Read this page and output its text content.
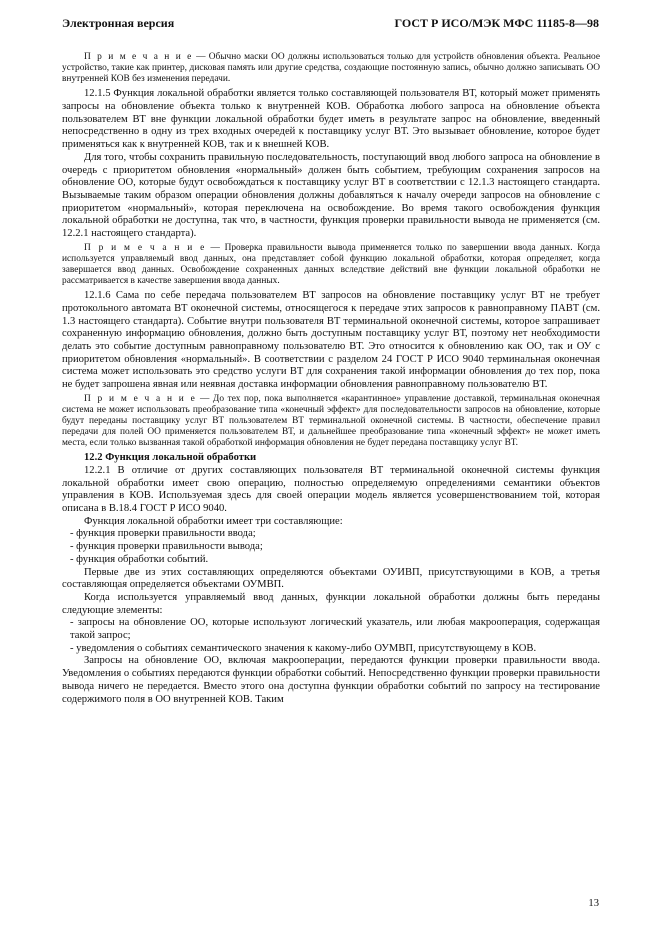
Электронная версия	ГОСТ Р ИСО/МЭК МФС 11185-8—98

П р и м е ч а н и е — Обычно маски ОО должны использоваться только для устройств обновления объекта. Реальное устройство, такие как принтер, дисковая память или другие средства, создающие постоянную запись, обычно должно записывать ОО внутренней КОВ без изменения передачи.

12.1.5 Функция локальной обработки является только составляющей пользователя ВТ, который может применять запросы на обновление объекта только к внутренней КОВ. Обработка любого запроса на обновление объекта пользователем ВТ вне функции локальной обработки будет иметь в результате запрос на обновление, введенный непосредственно в одну из трех входных очередей к поставщику услуг ВТ. Это вызывает обновление, которое будет применяться как к внутренней КОВ, так и к внешней КОВ.

Для того, чтобы сохранить правильную последовательность, поступающий ввод любого запроса на обновление в очередь с приоритетом обновления «нормальный» должен быть событием, требующим сохранения запросов на обновление ОО, которые будут освобождаться к поставщику услуг ВТ в соответствии с 12.1.3 настоящего стандарта. Вызываемые таким образом операции обновления должны добавляться к началу очереди запросов на обновление с приоритетом «нормальный», которая переключена на освобождение. Во время такого освобождения функция локальной обработки не доступна, так что, в частности, функция проверки правильности вывода не применяется (см. 12.2.1 настоящего стандарта).

П р и м е ч а н и е — Проверка правильности вывода применяется только по завершении ввода данных. Когда используется управляемый ввод данных, она представляет собой функцию локальной обработки, которая определяет, когда завершается ввод данных. Освобождение сохраненных данных вследствие действий вне функции локальной обработки не рассматривается в качестве завершения ввода данных.

12.1.6 Сама по себе передача пользователем ВТ запросов на обновление поставщику услуг ВТ не требует протокольного автомата ВТ оконечной системы, относящегося к передаче этих запросов к равноправному ПАВТ (см. 1.3 настоящего стандарта). Событие внутри пользователя ВТ терминальной оконечной системы, которое запрашивает сохраненную информацию обновления, должно быть доступным поставщику услуг ВТ, поэтому нет необходимости делать это событие доступным равноправному пользователю ВТ. Это относится к обновлению как ОО, так и ОУ с приоритетом обновления «нормальный». В соответствии с разделом 24 ГОСТ Р ИСО 9040 терминальная оконечная система может использовать это средство услуги ВТ для сохранения такой информации обновления до тех пор, пока не будет запрошена явная или неявная доставка информации обновления равноправному пользователю ВТ.

П р и м е ч а н и е — До тех пор, пока выполняется «карантинное» управление доставкой, терминальная оконечная система не может использовать преобразование типа «конечный эффект» для последовательности запросов на обновление, которые будут переданы поставщику услуг ВТ пользователем ВТ терминальной оконечной системы. В частности, обеспечение правил передачи для полей ОО применяется пользователем ВТ, и дальнейшее преобразование типа «конечный эффект» не может иметь места, если только вызванная такой обработкой информация обновления не будет передана поставщику услуг ВТ.

12.2 Функция локальной обработки

12.2.1 В отличие от других составляющих пользователя ВТ терминальной оконечной системы функция локальной обработки имеет свою операцию, полностью определяемую определениями семантики объектов управления в КОВ. Используемая здесь для своей операции модель является усовершенствованием той, которая описана в В.18.4 ГОСТ Р ИСО 9040.

Функция локальной обработки имеет три составляющие:

- функция проверки правильности ввода;

- функция проверки правильности вывода;

- функция обработки событий.

Первые две из этих составляющих определяются объектами ОУИВП, присутствующими в КОВ, а третья составляющая определяется объектами ОУМВП.

Когда используется управляемый ввод данных, функции локальной обработки должны быть переданы следующие элементы:

- запросы на обновление ОО, которые используют логический указатель, или любая макрооперация, содержащая такой запрос;

- уведомления о событиях семантического значения к какому-либо ОУМВП, присутствующему в КОВ.

Запросы на обновление ОО, включая макрооперации, передаются функции проверки правильности ввода. Уведомления о событиях передаются функции обработки событий. Непосредственно функции проверки правильности вывода ничего не передается. Вместо этого она доступна функции обработки событий по запросу на тестирование содержимого поля в ОО внутренней КОВ. Таким

13
